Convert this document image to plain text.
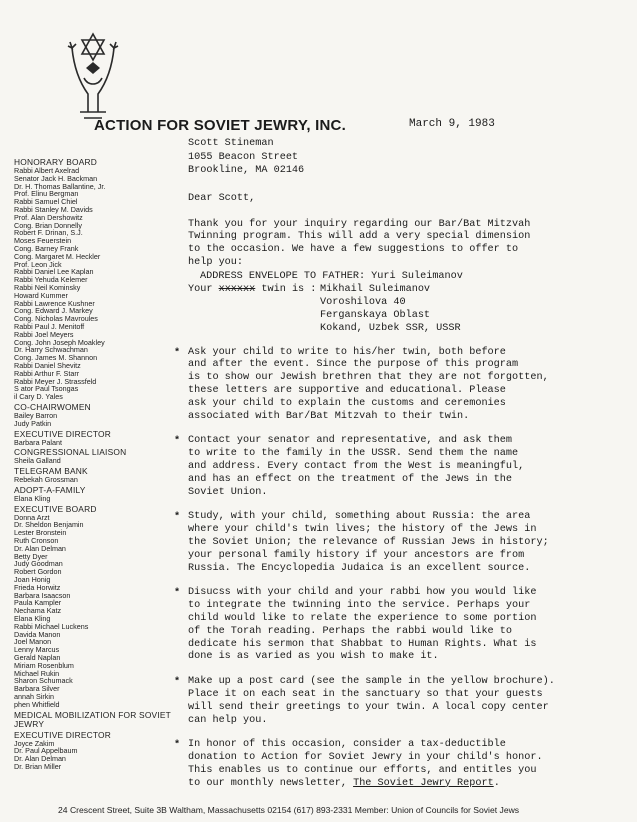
ACTION FOR SOVIET JEWRY, INC.	March 9, 1983
HONORARY BOARD
Rabbi Albert Axelrad
Senator Jack H. Backman
Dr. H. Thomas Ballantine, Jr.
Prof. Elinu Bergman
Rabbi Samuel Chiel
Rabbi Stanley M. Davids
Prof. Alan Dershowitz
Cong. Brian Donnelly
Robert F. Drinan, S.J.
Moses Feuerstein
Cong. Barney Frank
Cong. Margaret M. Heckler
Prof. Leon Jick
Rabbi Daniel Lee Kaplan
Rabbi Yehuda Kelemer
Rabbi Neil Kominsky
Howard Kummer
Rabbi Lawrence Kushner
Cong. Edward J. Markey
Cong. Nicholas Mavroules
Rabbi Paul J. Menitoff
Rabbi Joel Meyers
Cong. John Joseph Moakley
Dr. Harry Schwachman
Cong. James M. Shannon
Rabbi Daniel Shevitz
Rabbi Arthur F. Starr
Rabbi Meyer J. Strassfeld
S ator Paul Tsongas
il Cary D. Yales
CO-CHAIRWOMEN
Bailey Barron
Judy Patkin
EXECUTIVE DIRECTOR
Barbara Palant
CONGRESSIONAL LIAISON
Sheila Galland
TELEGRAM BANK
Rebekah Grossman
ADOPT-A-FAMILY
Elana Kling
EXECUTIVE BOARD
Donna Arzt
Dr. Sheldon Benjamin
Lester Bronstein
Ruth Cronson
Dr. Alan Delman
Betty Dyer
Judy Goodman
Robert Gordon
Joan Honig
Frieda Horwitz
Barbara Isaacson
Paula Kampler
Nechama Katz
Elana Kling
Rabbi Michael Luckens
Davida Manon
Joel Manon
Lenny Marcus
Gerald Naplan
Miriam Rosenblum
Michael Rukin
Sharon Schumack
Barbara Silver
annah Sirkin
phen Whitfield
MEDICAL MOBILIZATION FOR SOVIET JEWRY
EXECUTIVE DIRECTOR
Joyce Zakim
Dr. Paul Appelbaum
Dr. Alan Delman
Dr. Brian Miller
Scott Stineman
1055 Beacon Street
Brookline, MA 02146
Dear Scott,
Thank you for your inquiry regarding our Bar/Bat Mitzvah
Twinning program. This will add a very special dimension
to the occasion. We have a few suggestions to offer to
help you:
ADDRESS ENVELOPE TO FATHER: Yuri Suleimanov
Your xxxxxx twin is : Mikhail Suleimanov
Voroshilova 40
Ferganskaya Oblast
Kokand, Uzbek SSR, USSR
* Ask your child to write to his/her twin, both before
and after the event. Since the purpose of this program
is to show our Jewish brethren that they are not forgotten,
these letters are supportive and educational. Please
ask your child to explain the customs and ceremonies
associated with Bar/Bat Mitzvah to their twin.
* Contact your senator and representative, and ask them
to write to the family in the USSR. Send them the name
and address. Every contact from the West is meaningful,
and has an effect on the treatment of the Jews in the
Soviet Union.
* Study, with your child, something about Russia: the area
where your child's twin lives; the history of the Jews in
the Soviet Union; the relevance of Russian Jews in history;
your personal family history if your ancestors are from
Russia. The Encyclopedia Judaica is an excellent source.
* Disucss with your child and your rabbi how you would like
to integrate the twinning into the service. Perhaps your
child would like to relate the experience to some portion
of the Torah reading. Perhaps the rabbi would like to
dedicate his sermon that Shabbat to Human Rights. What is
done is as varied as you wish to make it.
* Make up a post card (see the sample in the yellow brochure).
Place it on each seat in the sanctuary so that your guests
will send their greetings to your twin. A local copy center
can help you.
* In honor of this occasion, consider a tax-deductible
donation to Action for Soviet Jewry in your child's honor.
This enables us to continue our efforts, and entitles you
to our monthly newsletter, The Soviet Jewry Report.
24 Crescent Street, Suite 3B Waltham, Massachusetts 02154 (617) 893-2331 Member: Union of Councils for Soviet Jews
